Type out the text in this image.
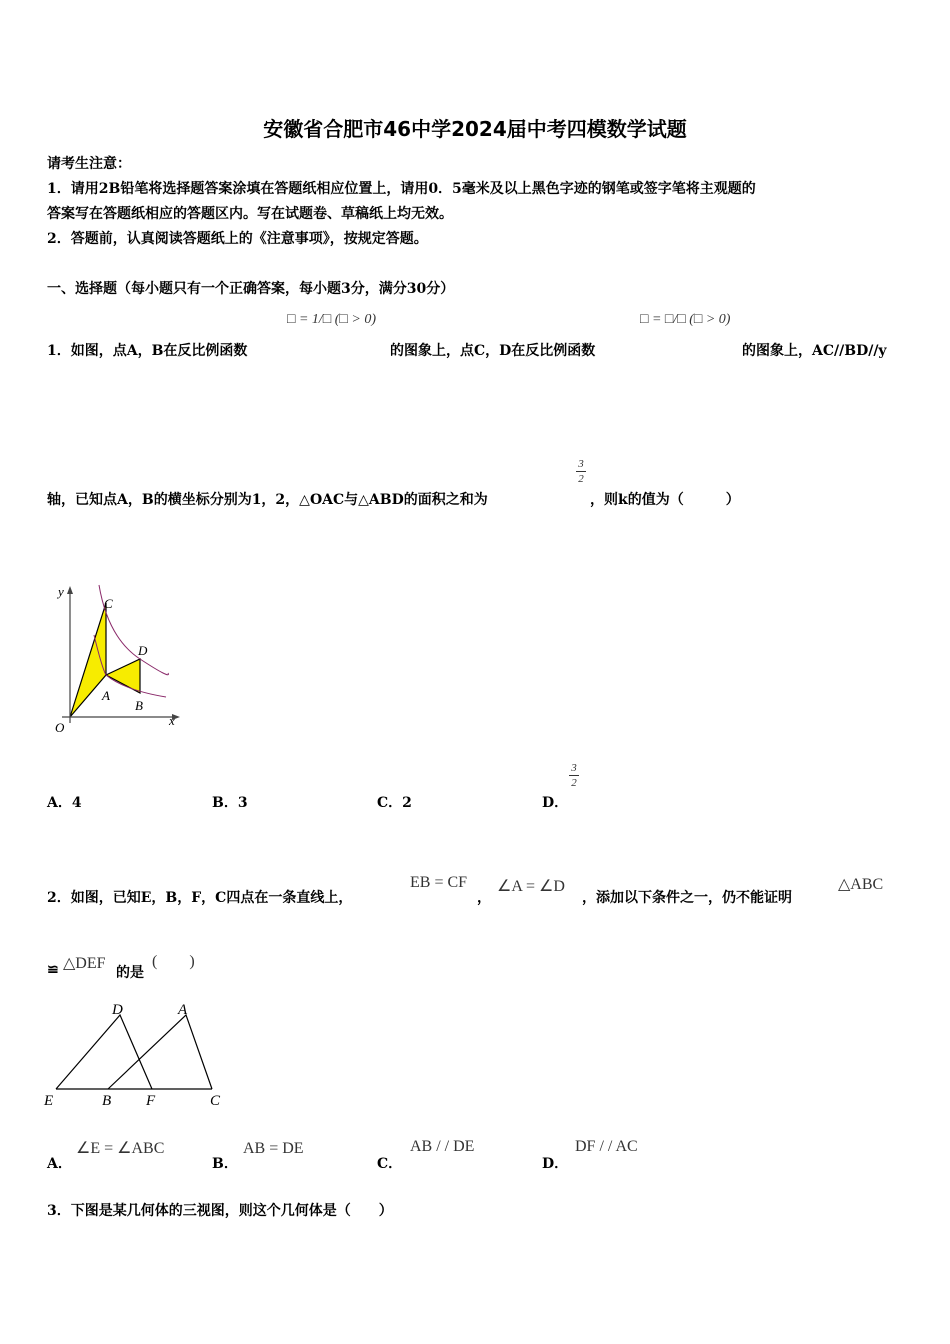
安徽省合肥市46中学2024届中考四模数学试题
请考生注意：
1．请用2B铅笔将选择题答案涂填在答题纸相应位置上，请用0．5毫米及以上黑色字迹的钢笔或签字笔将主观题的
答案写在答题纸相应的答题区内。写在试题卷、草稿纸上均无效。
2．答题前，认真阅读答题纸上的《注意事项》，按规定答题。
一、选择题（每小题只有一个正确答案，每小题3分，满分30分）
□ = 1/□ (□ > 0)	□ = □/□ (□ > 0)
1．如图，点A，B在反比例函数	的图象上，点C，D在反比例函数	的图象上，AC//BD//y
轴，已知点A，B的横坐标分别为1，2，△OAC与△ABD的面积之和为
3
2
，则k的值为（　　　）
y
C
D
A
B
O	x
A．4	B．3	C．2	D．
3
2
2．如图，已知E，B，F，C四点在一条直线上，
EB = CF
，
∠A = ∠D
，添加以下条件之一，仍不能证明
△ABC
≌ △DEF
的是
(　　)
D	A
E	B F	C
A．
∠E = ∠ABC
B．
AB = DE
C．
AB / / DE
D．
DF / / AC
3．下图是某几何体的三视图，则这个几何体是（　　）
